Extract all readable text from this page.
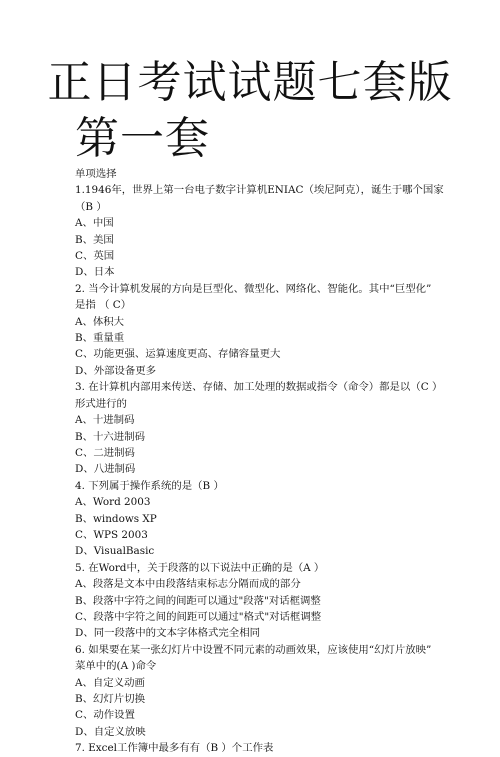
正日考试试题七套版
第一套
单项选择
1.1946年，世界上第一台电子数字计算机ENIAC（埃尼阿克），诞生于哪个国家
（B ）
A、中国
B、美国
C、英国
D、日本
2. 当今计算机发展的方向是巨型化、微型化、网络化、智能化。其中“巨型化”
是指 （ C）
A、体积大
B、重量重
C、功能更强、运算速度更高、存储容量更大
D、外部设备更多
3. 在计算机内部用来传送、存储、加工处理的数据或指令（命令）都是以（C ）
形式进行的
A、十进制码
B、十六进制码
C、二进制码
D、八进制码
4. 下列属于操作系统的是（B ）
A、Word 2003
B、windows XP
C、WPS 2003
D、VisualBasic
5. 在Word中，关于段落的以下说法中正确的是（A ）
A、段落是文本中由段落结束标志分隔而成的部分
B、段落中字符之间的间距可以通过"段落"对话框调整
C、段落中字符之间的间距可以通过"格式"对话框调整
D、同一段落中的文本字体格式完全相同
6. 如果要在某一张幻灯片中设置不同元素的动画效果，应该使用“幻灯片放映”
菜单中的(A )命令
A、自定义动画
B、幻灯片切换
C、动作设置
D、自定义放映
7. Excel工作簿中最多有有（B ）个工作表
